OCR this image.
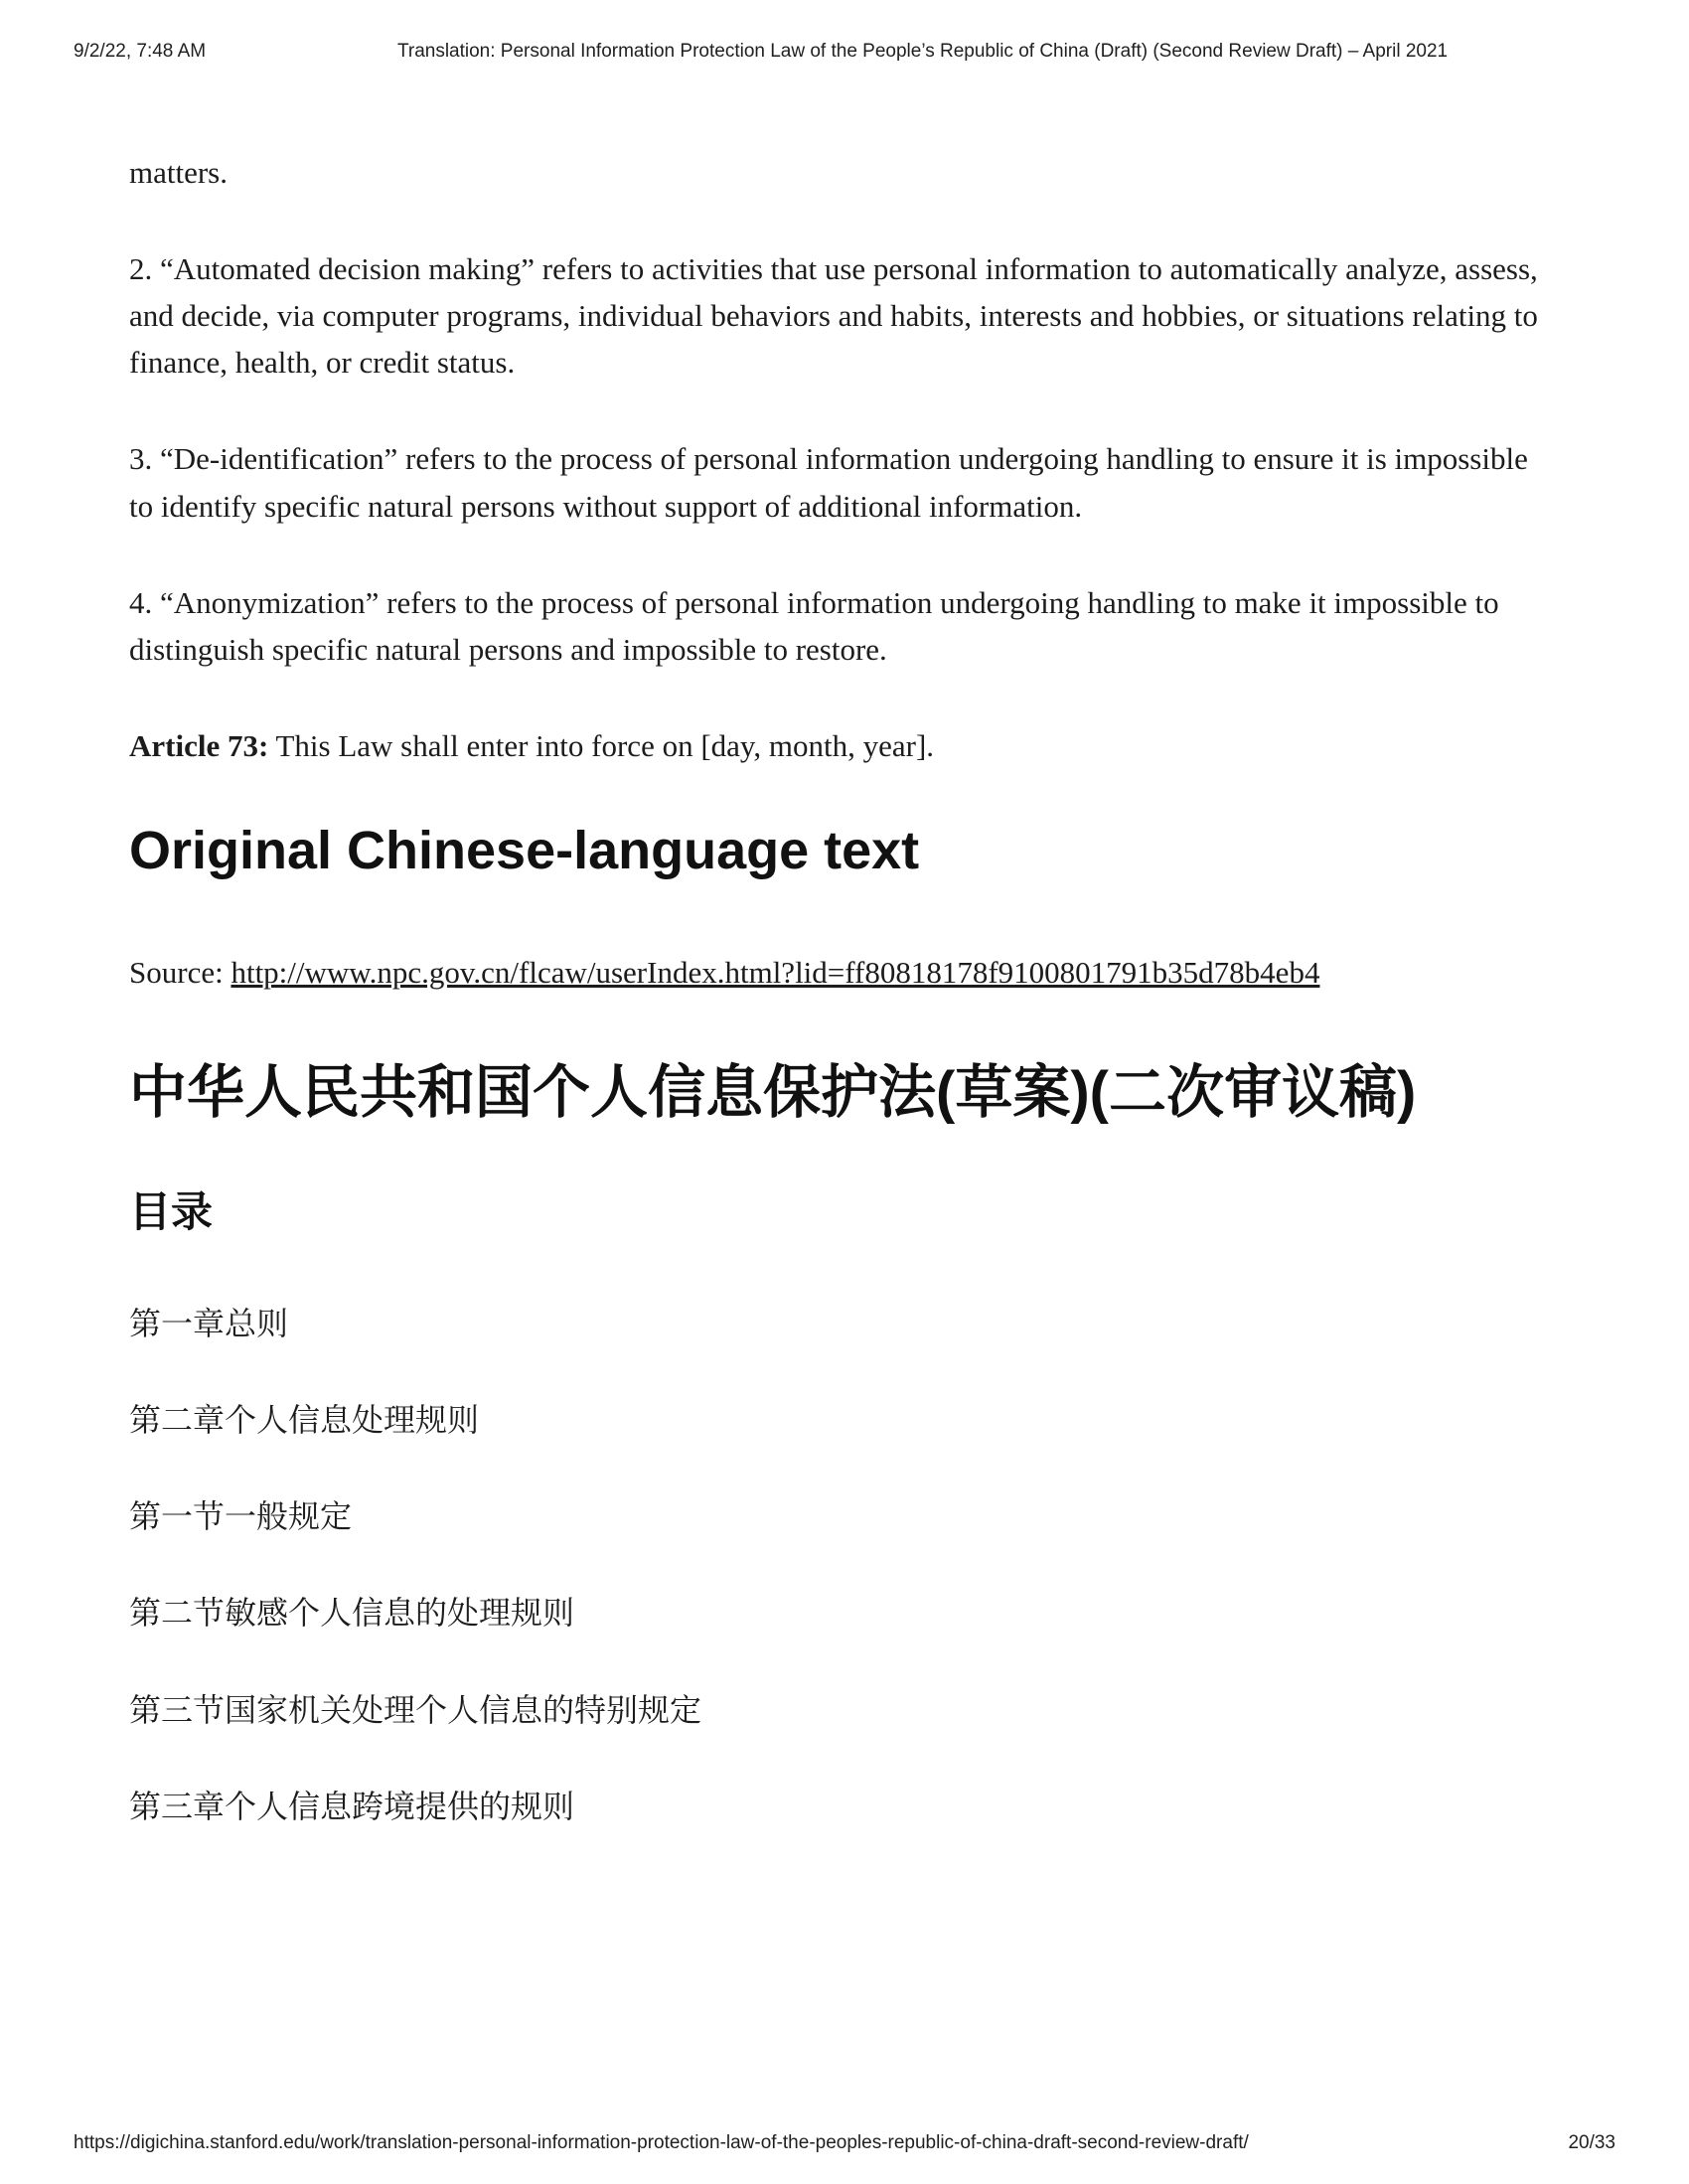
9/2/22, 7:48 AM	Translation: Personal Information Protection Law of the People’s Republic of China (Draft) (Second Review Draft) – April 2021

matters.

2. “Automated decision making” refers to activities that use personal information to automatically analyze, assess, and decide, via computer programs, individual behaviors and habits, interests and hobbies, or situations relating to finance, health, or credit status.

3. “De-identification” refers to the process of personal information undergoing handling to ensure it is impossible to identify specific natural persons without support of additional information.

4. “Anonymization” refers to the process of personal information undergoing handling to make it impossible to distinguish specific natural persons and impossible to restore.

Article 73: This Law shall enter into force on [day, month, year].

Original Chinese-language text

Source: http://www.npc.gov.cn/flcaw/userIndex.html?lid=ff80818178f9100801791b35d78b4eb4

中华人民共和国个人信息保护法(草案)(二次审议稿)
目录

第一章总则

第二章个人信息处理规则

第一节一般规定

第二节敏感个人信息的处理规则

第三节国家机关处理个人信息的特别规定

第三章个人信息跨境提供的规则

https://digichina.stanford.edu/work/translation-personal-information-protection-law-of-the-peoples-republic-of-china-draft-second-review-draft/	20/33
